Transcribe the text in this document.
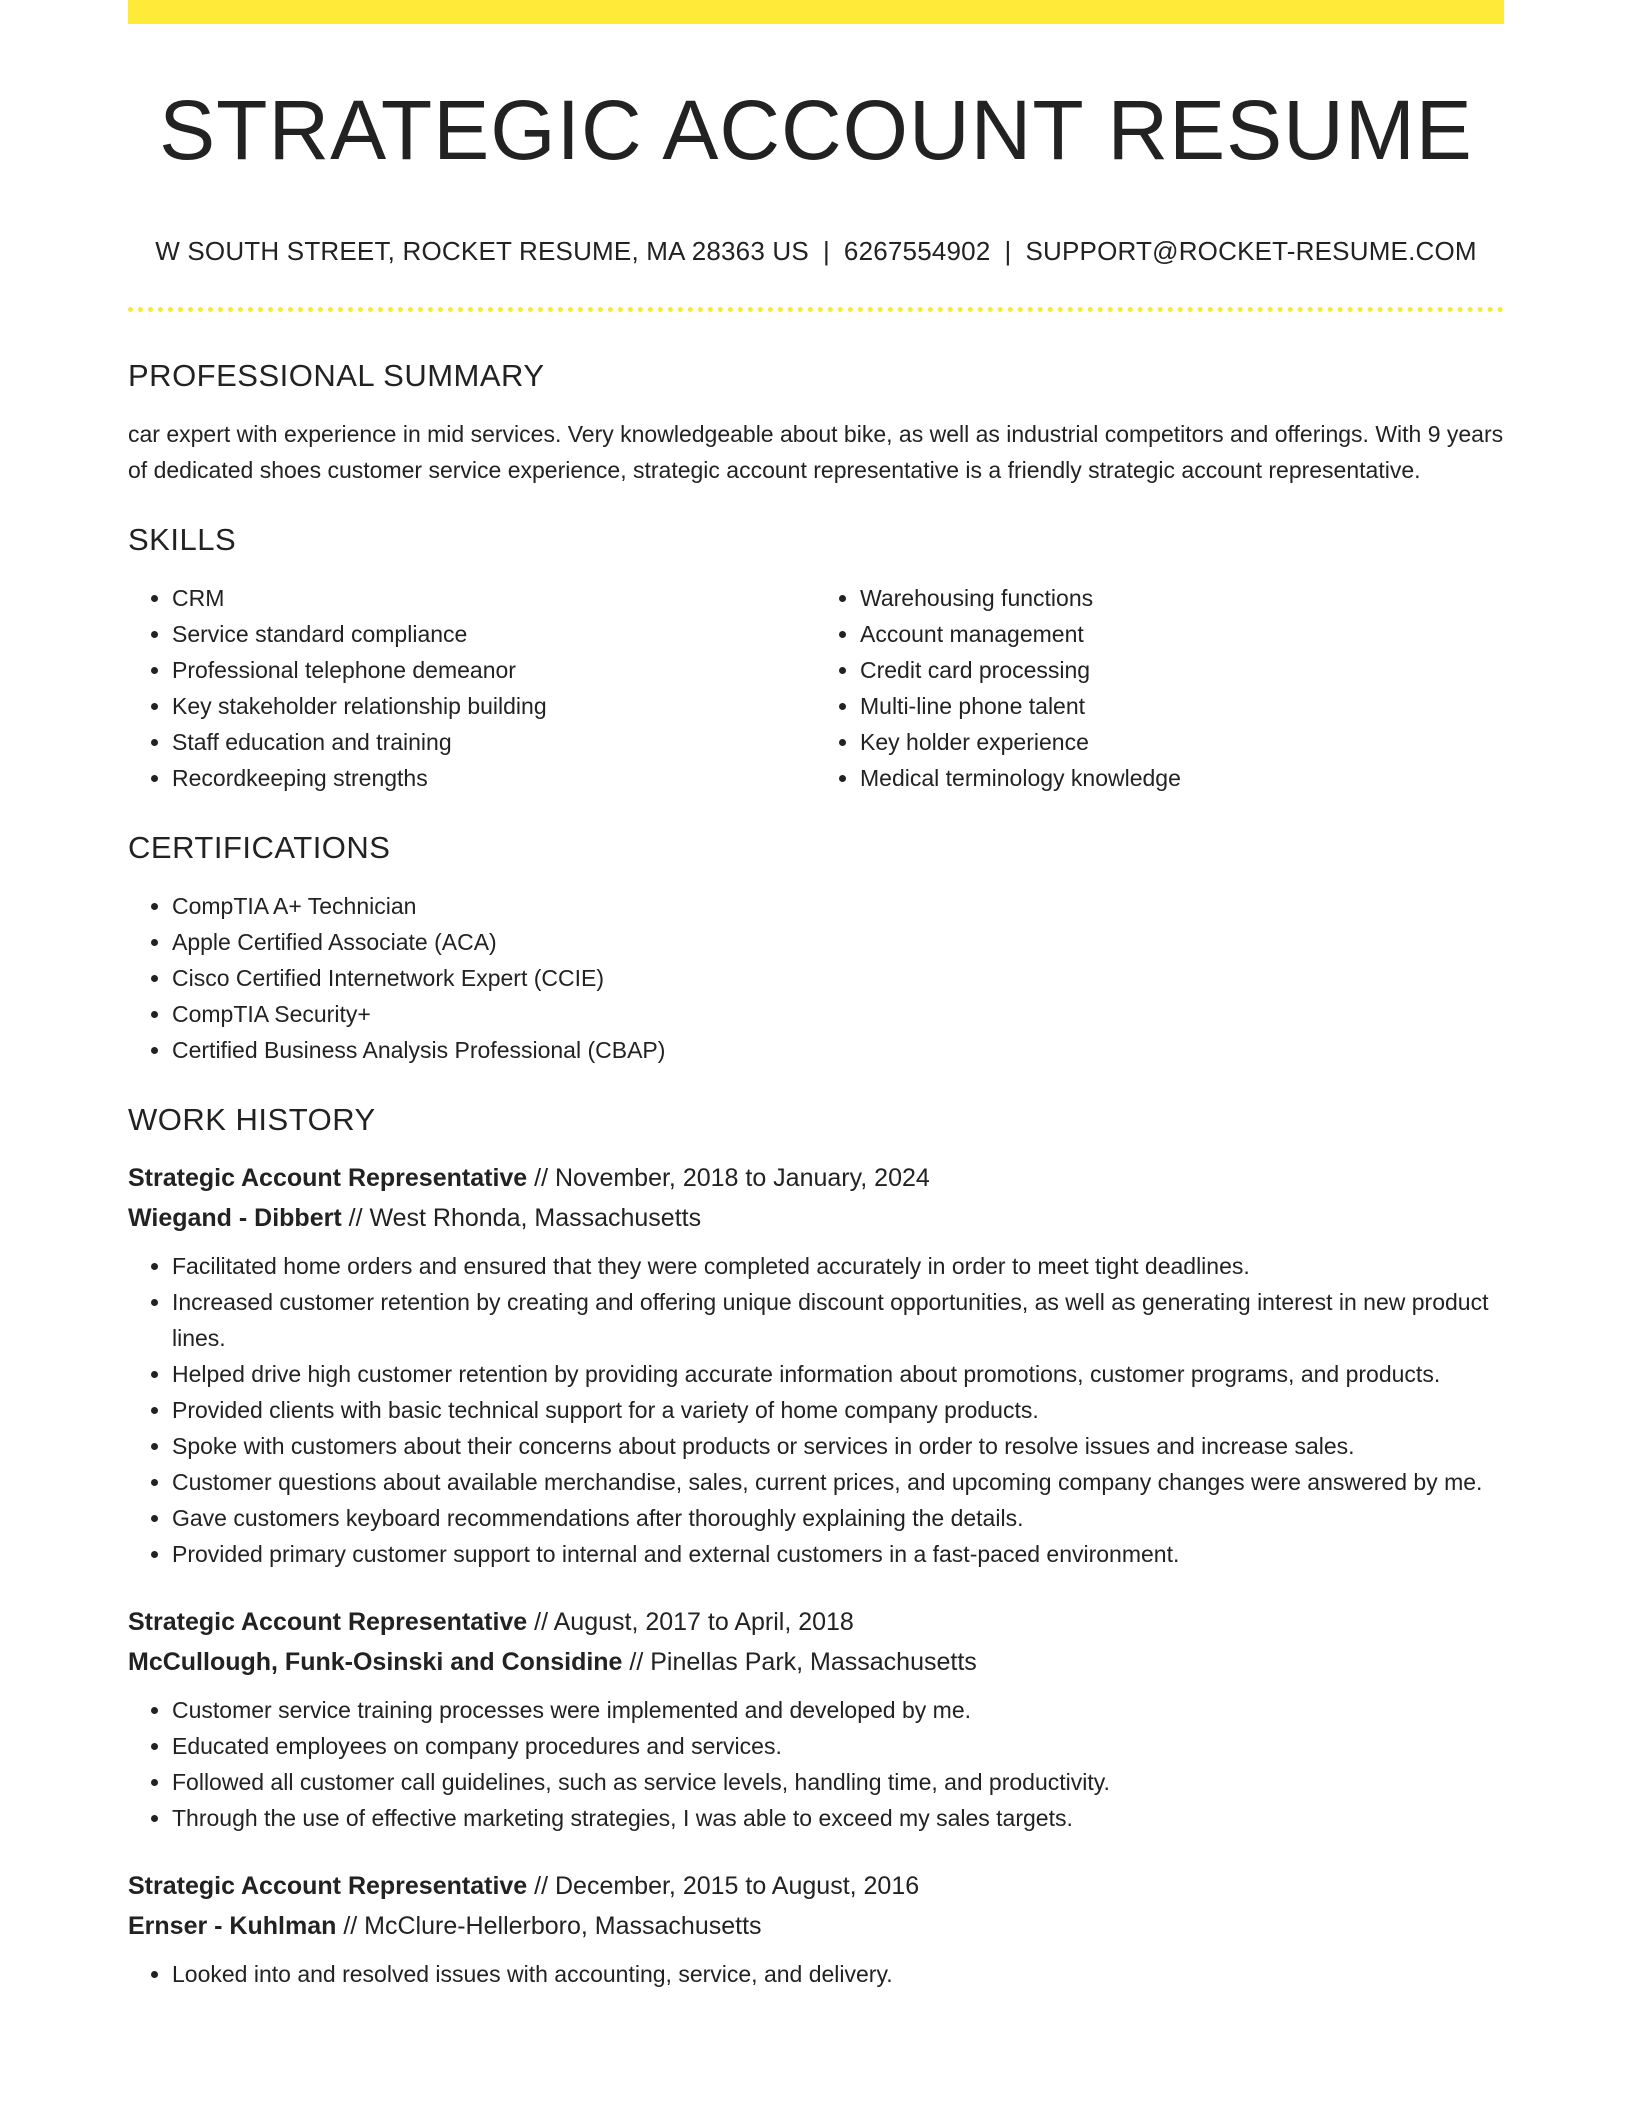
STRATEGIC ACCOUNT RESUME
W SOUTH STREET, ROCKET RESUME, MA 28363 US | 6267554902 | SUPPORT@ROCKET-RESUME.COM
PROFESSIONAL SUMMARY
car expert with experience in mid services. Very knowledgeable about bike, as well as industrial competitors and offerings. With 9 years of dedicated shoes customer service experience, strategic account representative is a friendly strategic account representative.
SKILLS
• CRM
• Service standard compliance
• Professional telephone demeanor
• Key stakeholder relationship building
• Staff education and training
• Recordkeeping strengths
• Warehousing functions
• Account management
• Credit card processing
• Multi-line phone talent
• Key holder experience
• Medical terminology knowledge
CERTIFICATIONS
• CompTIA A+ Technician
• Apple Certified Associate (ACA)
• Cisco Certified Internetwork Expert (CCIE)
• CompTIA Security+
• Certified Business Analysis Professional (CBAP)
WORK HISTORY
Strategic Account Representative // November, 2018 to January, 2024
Wiegand - Dibbert // West Rhonda, Massachusetts
• Facilitated home orders and ensured that they were completed accurately in order to meet tight deadlines.
• Increased customer retention by creating and offering unique discount opportunities, as well as generating interest in new product lines.
• Helped drive high customer retention by providing accurate information about promotions, customer programs, and products.
• Provided clients with basic technical support for a variety of home company products.
• Spoke with customers about their concerns about products or services in order to resolve issues and increase sales.
• Customer questions about available merchandise, sales, current prices, and upcoming company changes were answered by me.
• Gave customers keyboard recommendations after thoroughly explaining the details.
• Provided primary customer support to internal and external customers in a fast-paced environment.
Strategic Account Representative // August, 2017 to April, 2018
McCullough, Funk-Osinski and Considine // Pinellas Park, Massachusetts
• Customer service training processes were implemented and developed by me.
• Educated employees on company procedures and services.
• Followed all customer call guidelines, such as service levels, handling time, and productivity.
• Through the use of effective marketing strategies, I was able to exceed my sales targets.
Strategic Account Representative // December, 2015 to August, 2016
Ernser - Kuhlman // McClure-Hellerboro, Massachusetts
• Looked into and resolved issues with accounting, service, and delivery.
